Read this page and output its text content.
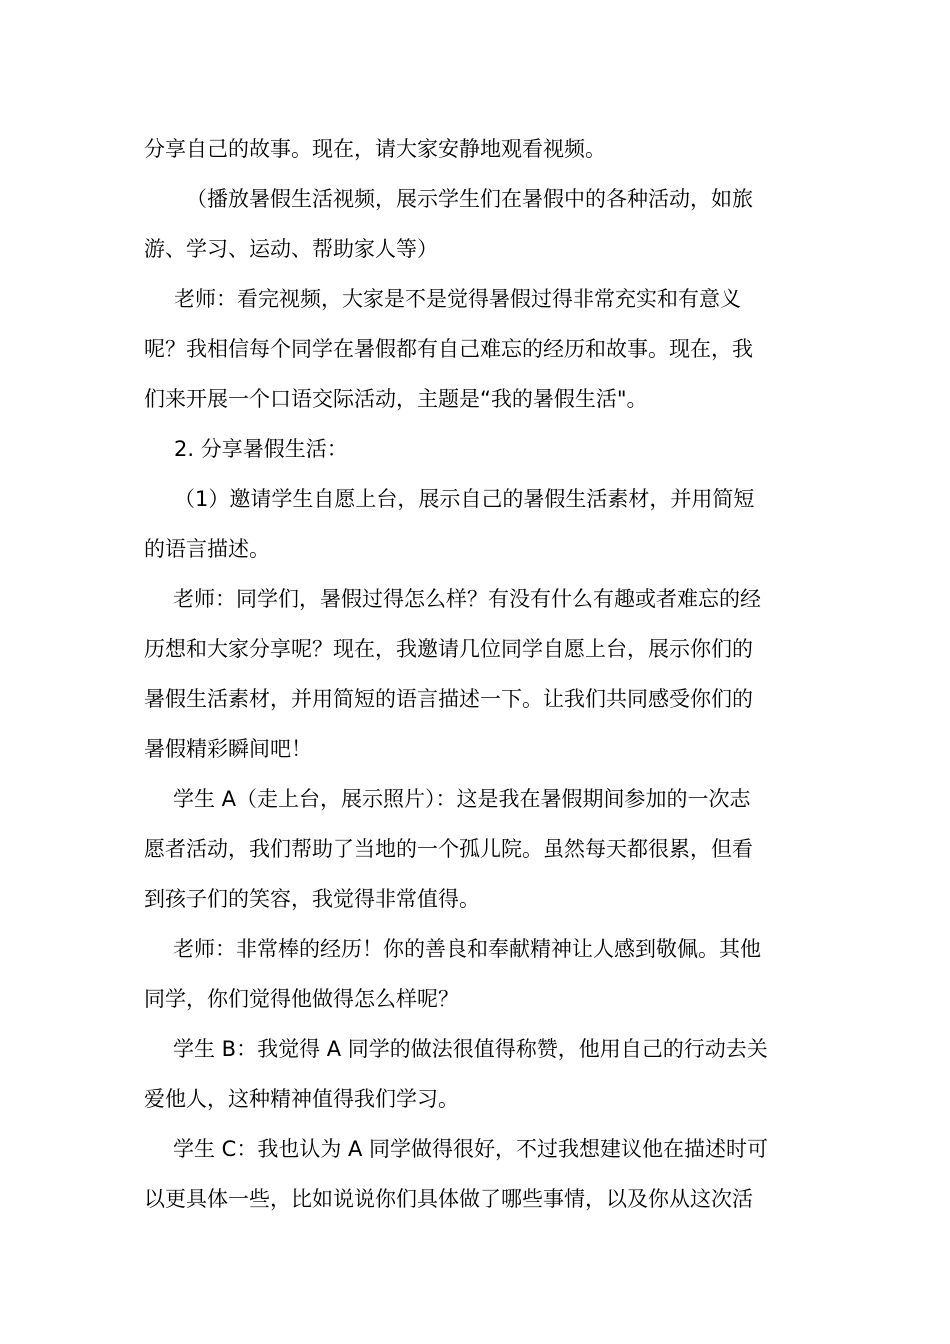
分享自己的故事。现在，请大家安静地观看视频。
（播放暑假生活视频，展示学生们在暑假中的各种活动，如旅
游、学习、运动、帮助家人等）
老师：看完视频，大家是不是觉得暑假过得非常充实和有意义
呢？我相信每个同学在暑假都有自己难忘的经历和故事。现在，我
们来开展一个口语交际活动，主题是“我的暑假生活"。
2. 分享暑假生活：
（1）邀请学生自愿上台，展示自己的暑假生活素材，并用简短
的语言描述。
老师：同学们，暑假过得怎么样？有没有什么有趣或者难忘的经
历想和大家分享呢？现在，我邀请几位同学自愿上台，展示你们的
暑假生活素材，并用简短的语言描述一下。让我们共同感受你们的
暑假精彩瞬间吧！
学生 A（走上台，展示照片）：这是我在暑假期间参加的一次志
愿者活动，我们帮助了当地的一个孤儿院。虽然每天都很累，但看
到孩子们的笑容，我觉得非常值得。
老师：非常棒的经历！你的善良和奉献精神让人感到敬佩。其他
同学，你们觉得他做得怎么样呢？
学生 B：我觉得 A 同学的做法很值得称赞，他用自己的行动去关
爱他人，这种精神值得我们学习。
学生 C：我也认为 A 同学做得很好，不过我想建议他在描述时可
以更具体一些，比如说说你们具体做了哪些事情，以及你从这次活
